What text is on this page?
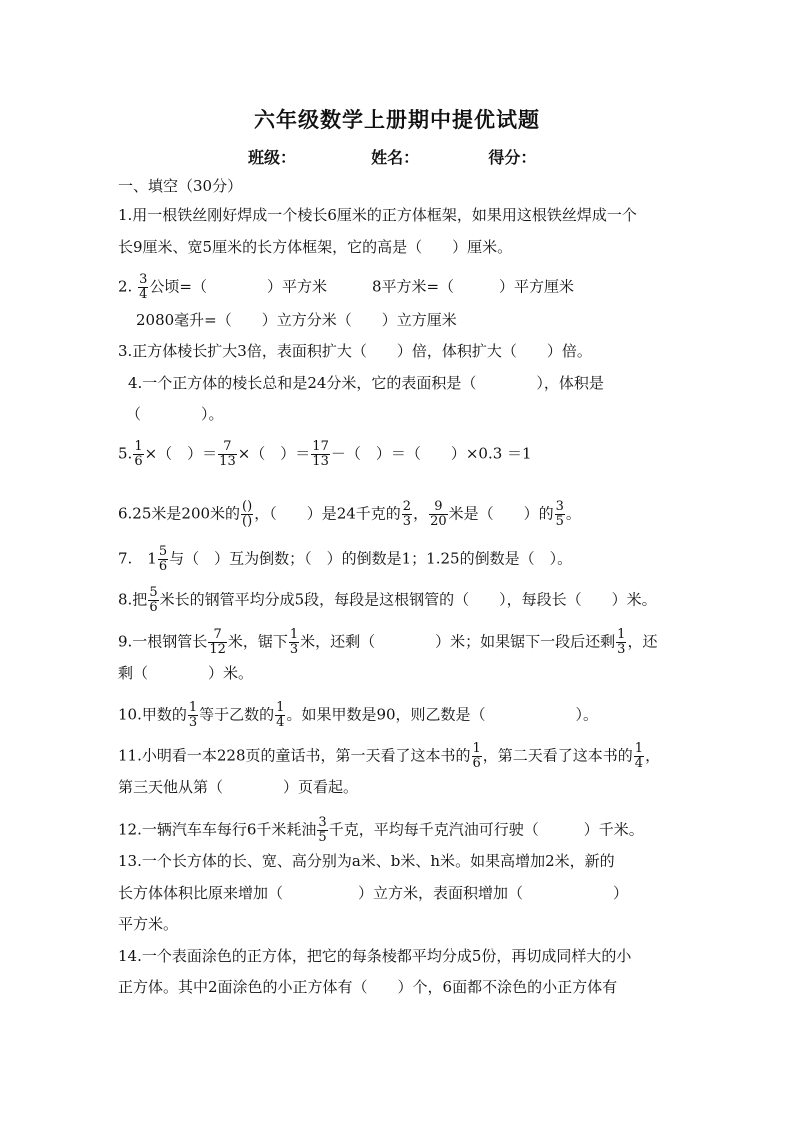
六年级数学上册期中提优试题
班级：	姓名：	得分：
一、填空（30分）
1.用一根铁丝刚好焊成一个棱长6厘米的正方体框架，如果用这根铁丝焊成一个
长9厘米、宽5厘米的长方体框架，它的高是（　　）厘米。
2. $\frac{3}{4}$ 公顷=（　　　　）平方米　　　8平方米=（　　　）平方厘米
2080毫升=（　　）立方分米（　　）立方厘米
3.正方体棱长扩大3倍，表面积扩大（　　）倍，体积扩大（　　）倍。
4.一个正方体的棱长总和是24分米，它的表面积是（　　　　），体积是
（　　　　）。
5. $\frac{1}{6}$ ×（　）＝ $\frac{7}{13}$ ×（　）＝ $\frac{17}{13}$ －（　）＝（　　）×0.3 ＝1
6.25米是200米的 $\frac{()}{()}$ ，（　　）是24千克的 $\frac{2}{3}$ ， $\frac{9}{20}$ 米是（　　）的 $\frac{3}{5}$ 。
7.　$1 \frac{5}{6}$ 与（　）互为倒数；（　）的倒数是1；1.25的倒数是（　）。
8.把 $\frac{5}{6}$ 米长的钢管平均分成5段，每段是这根钢管的（　　），每段长（　　）米。
9.一根钢管长 $\frac{7}{12}$ 米，锯下 $\frac{1}{3}$ 米，还剩（　　　　）米；如果锯下一段后还剩 $\frac{1}{3}$ ，还
剩（　　　　）米。
10.甲数的 $\frac{1}{3}$ 等于乙数的 $\frac{1}{4}$ 。如果甲数是90，则乙数是（　　　　　　）。
11.小明看一本228页的童话书，第一天看了这本书的 $\frac{1}{6}$ ，第二天看了这本书的 $\frac{1}{4}$ ，
第三天他从第（　　　　）页看起。
12.一辆汽车车每行6千米耗油 $\frac{3}{5}$ 千克，平均每千克汽油可行驶（　　　）千米。
13.一个长方体的长、宽、高分别为a米、b米、h米。如果高增加2米，新的
长方体体积比原来增加（　　　　　）立方米，表面积增加（　　　　　　）
平方米。
14.一个表面涂色的正方体，把它的每条棱都平均分成5份，再切成同样大的小
正方体。其中2面涂色的小正方体有（　　）个，6面都不涂色的小正方体有
